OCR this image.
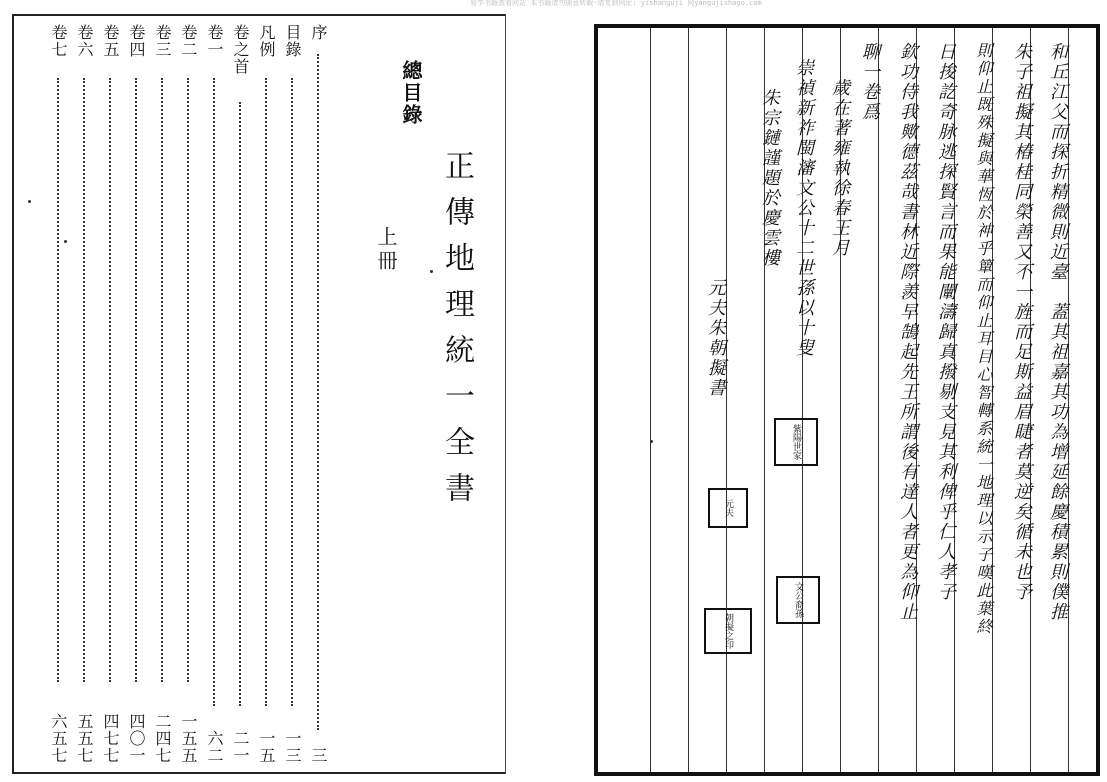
易学书籍查看网站 本书籍请勿随意转载-请复制网址: yishanguji 网yangujishago.com
序
三
目錄
一三
凡例
一五
卷之首
二一
卷一
六二
卷二
一五五
卷三
二四七
卷四
四〇一
卷五
四七七
卷六
五五七
卷七
六五七
總目錄
正傳地理統一全書
上冊	和丘江父而探折精微則近臺　蓋其祖嘉其功為增延餘慶積累則僕推
朱子祖擬其椿桂同榮善又不一旌而足斯益眉睫者莫逆矣循未也予
則仰止既殊擬與華恆於神乎簞而仰止耳目心智轉系統一地理以示子嘆此葉終
日捘訖奇脉逃探賢言而果能闡濤歸真撥剔支見其利俾乎仁人孝子
欽功侍我歟德茲哉書林近際羨早鵠起先王所謂後有達人者更為仰止
聊一卷爲
歲在著雍執徐春王月
崇禎新祚閩瀋文公十二世孫以十叟
朱宗鏈謹題於慶雲樓
元夫朱朝擬書
紫陽世家
文公裔孫
元夫
朝擬之印
